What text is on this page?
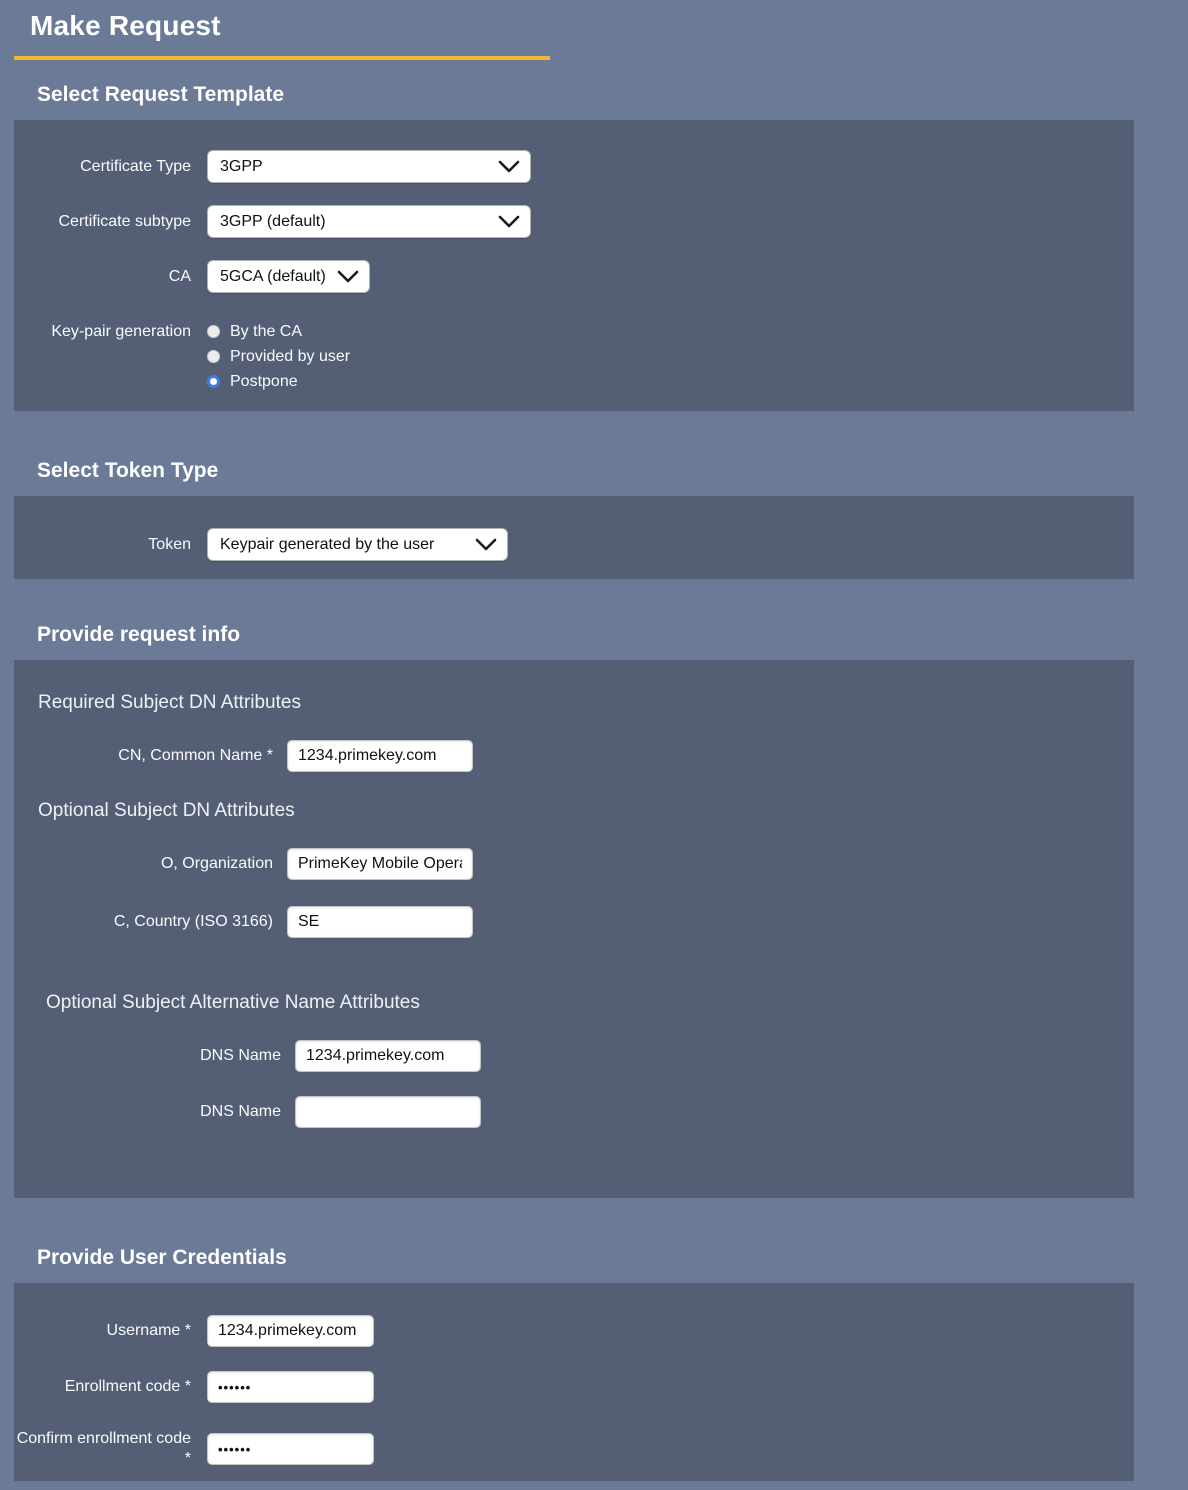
Make Request
Select Request Template
Certificate Type 3GPP
Certificate subtype 3GPP (default)
CA 5GCA (default)
Key-pair generation By the CA
Provided by user
Postpone
Select Token Type
Token Keypair generated by the user
Provide request info
Required Subject DN Attributes
CN, Common Name *
1234.primekey.com
Optional Subject DN Attributes
O, Organization
PrimeKey Mobile Opera
C, Country (ISO 3166)
SE
Optional Subject Alternative Name Attributes
DNS Name
1234.primekey.com
DNS Name
Provide User Credentials
Username *
1234.primekey.com
Enrollment code *
••••••
Confirm enrollment code *
••••••
